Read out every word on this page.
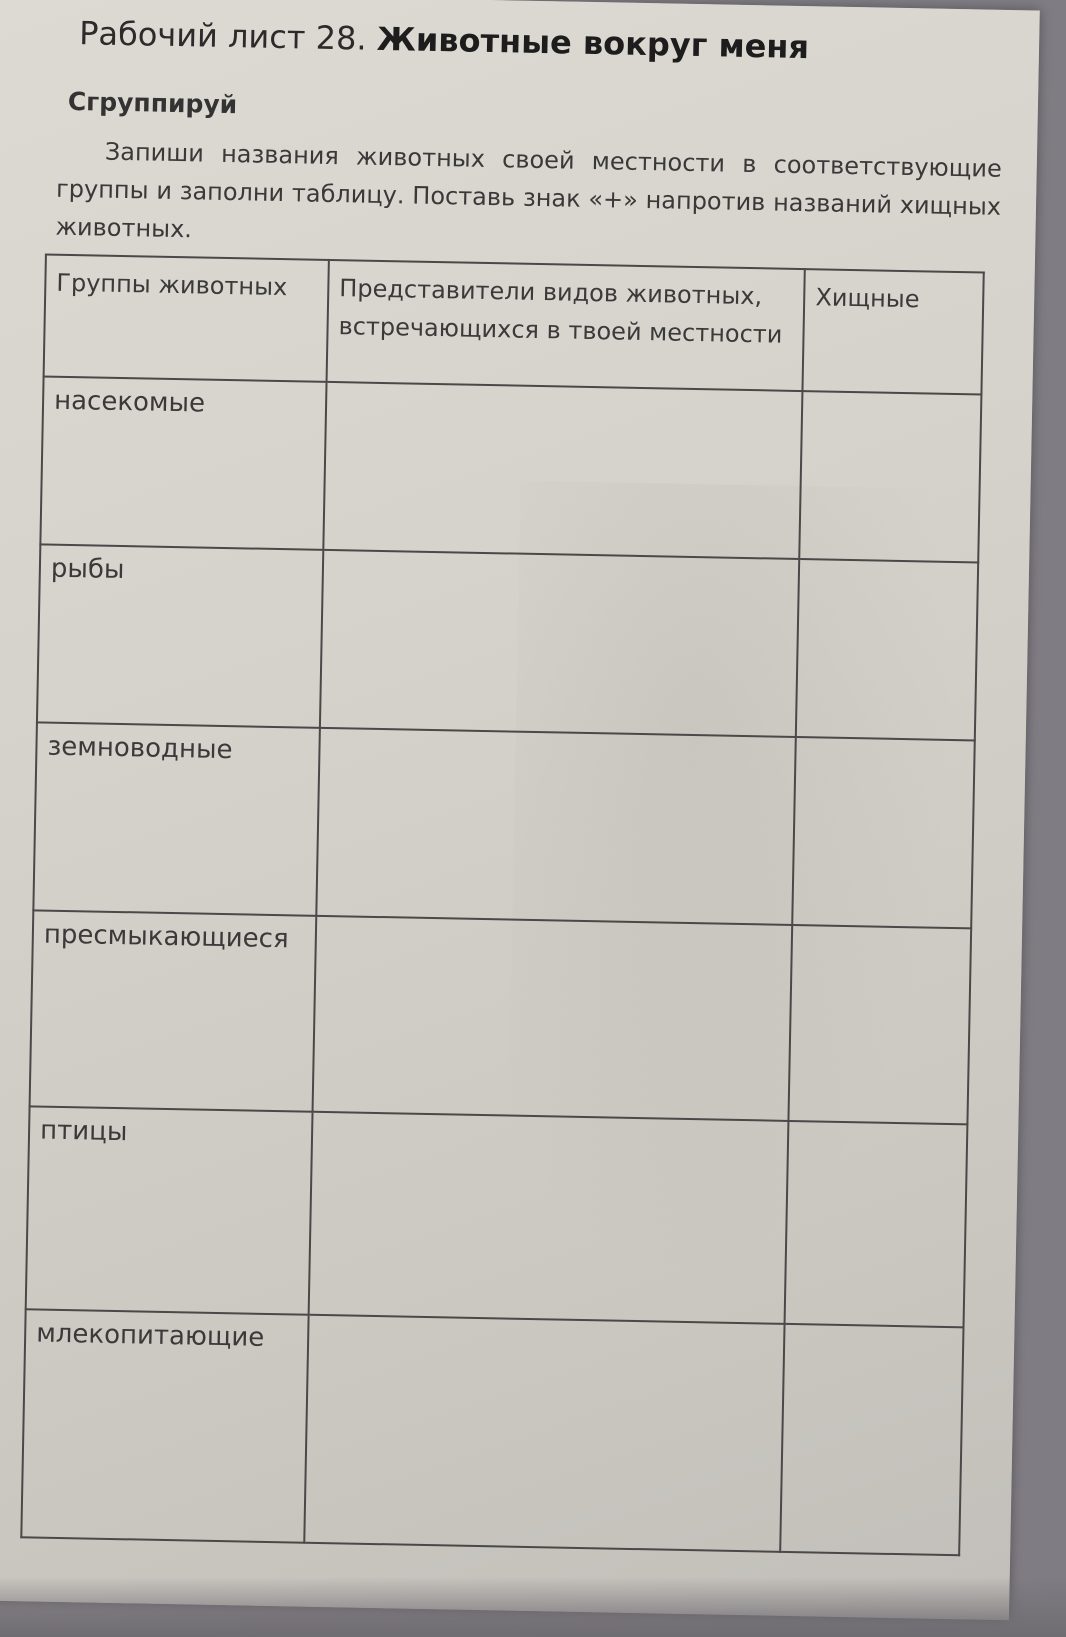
Рабочий лист 28. Животные вокруг меня
Сгруппируй
Запиши названия животных своей местности в соответствующие группы и заполни таблицу. Поставь знак «+» напротив названий хищных животных.
Группы животных	Представители видов животных, встречающихся в твоей местности	Хищные
насекомые		
рыбы		
земноводные		
пресмыкающиеся		
птицы		
млекопитающие		
